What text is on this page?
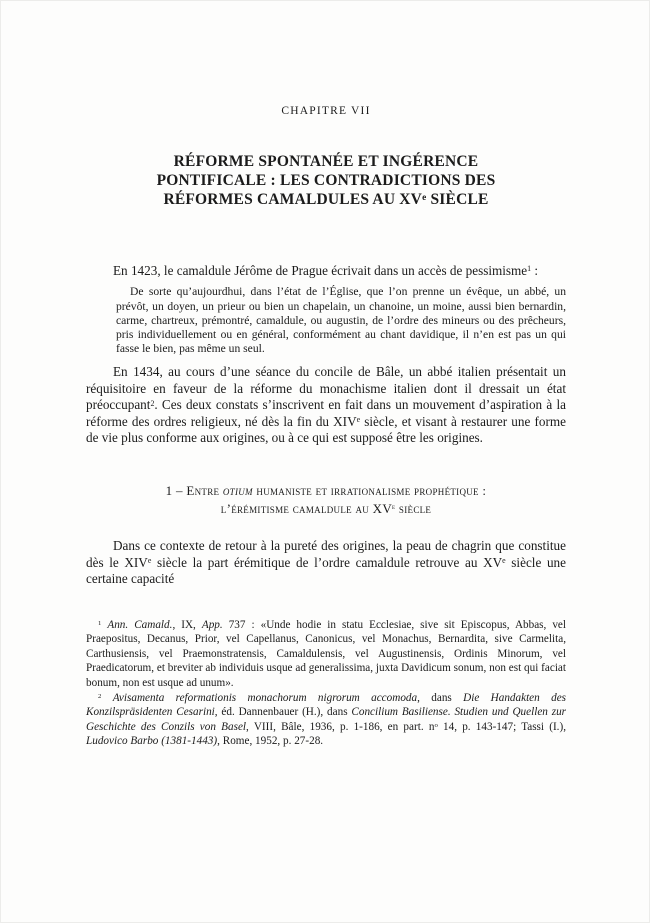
CHAPITRE VII
RÉFORME SPONTANÉE ET INGÉRENCE
PONTIFICALE : LES CONTRADICTIONS DES
RÉFORMES CAMALDULES AU XVe SIÈCLE

En 1423, le camaldule Jérôme de Prague écrivait dans un accès de pessimisme$^1$ :

De sorte qu’aujourdhui, dans l’état de l’Église, que l’on prenne un évêque, un abbé, un prévôt, un doyen, un prieur ou bien un chapelain, un chanoine, un moine, aussi bien bernardin, carme, chartreux, prémontré, camaldule, ou augustin, de l’ordre des mineurs ou des prêcheurs, pris individuellement ou en général, conformément au chant davidique, il n’en est pas un qui fasse le bien, pas même un seul.

En 1434, au cours d’une séance du concile de Bâle, un abbé italien présentait un réquisitoire en faveur de la réforme du monachisme italien dont il dressait un état préoccupant$^2$. Ces deux constats s’inscrivent en fait dans un mouvement d’aspiration à la réforme des ordres religieux, né dès la fin du XIVe siècle, et visant à restaurer une forme de vie plus conforme aux origines, ou à ce qui est supposé être les origines.

1 – Entre otium humaniste et irrationalisme prophétique :
l’érémitisme camaldule au XVe siècle

Dans ce contexte de retour à la pureté des origines, la peau de chagrin que constitue dès le XIVe siècle la part érémitique de l’ordre camaldule retrouve au XVe siècle une certaine capacité

$^1$ Ann. Camald., IX, App. 737 : «Unde hodie in statu Ecclesiae, sive sit Episcopus, Abbas, vel Praepositus, Decanus, Prior, vel Capellanus, Canonicus, vel Monachus, Bernardita, sive Carmelita, Carthusiensis, vel Praemonstratensis, Camaldulensis, vel Augustinensis, Ordinis Minorum, vel Praedicatorum, et breviter ab individuis usque ad generalissima, juxta Davidicum sonum, non est qui faciat bonum, non est usque ad unum».

$^2$ Avisamenta reformationis monachorum nigrorum accomoda, dans Die Handakten des Konzilspräsidenten Cesarini, éd. Dannenbauer (H.), dans Concilium Basiliense. Studien und Quellen zur Geschichte des Conzils von Basel, VIII, Bâle, 1936, p. 1-186, en part. $n^o$ 14, p. 143-147; Tassi (I.), Ludovico Barbo (1381-1443), Rome, 1952, p. 27-28.
